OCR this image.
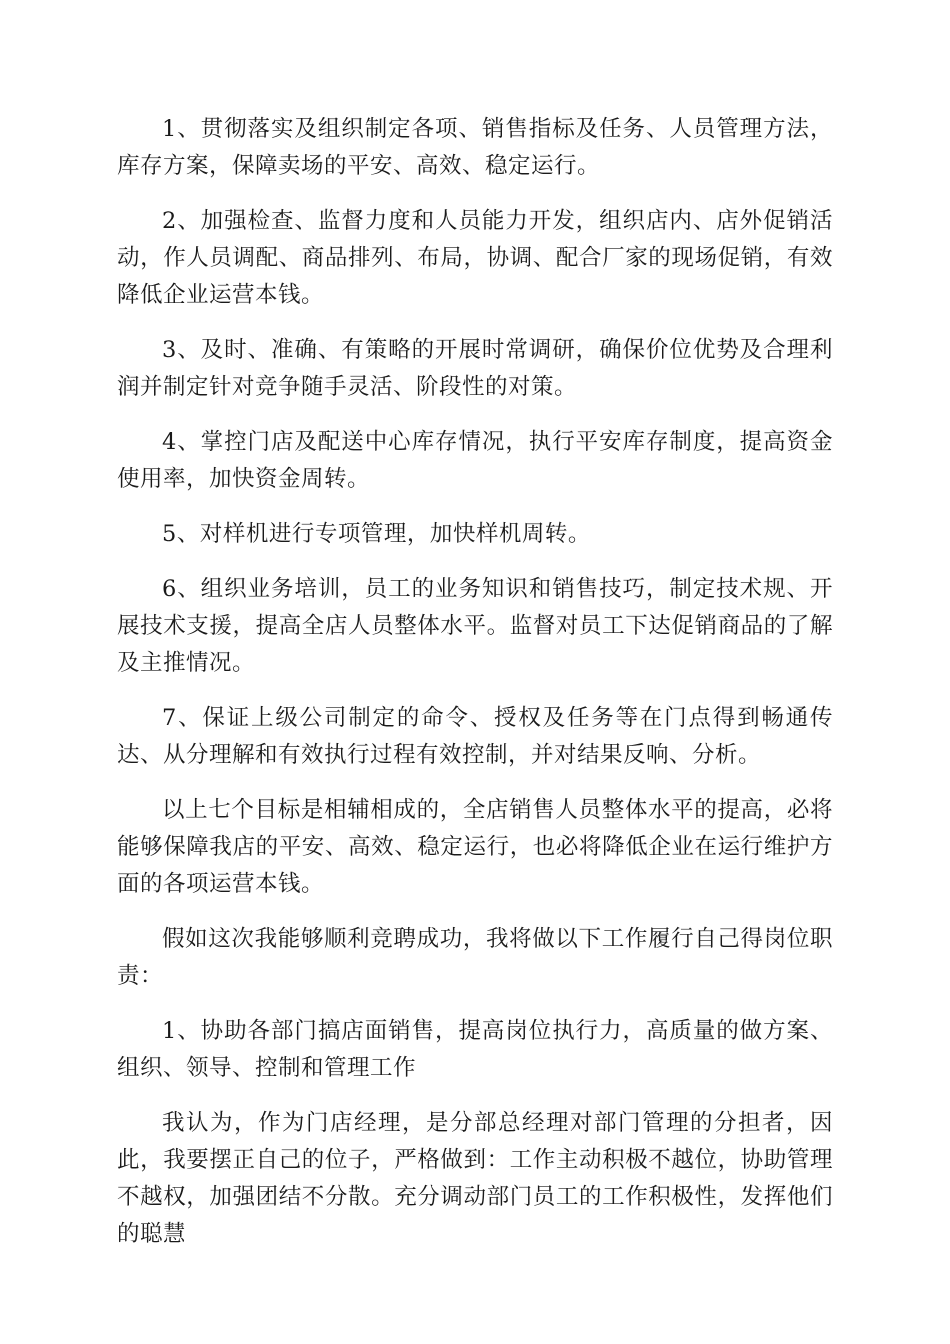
1、贯彻落实及组织制定各项、销售指标及任务、人员管理方法，库存方案，保障卖场的平安、高效、稳定运行。

2、加强检查、监督力度和人员能力开发，组织店内、店外促销活动，作人员调配、商品排列、布局，协调、配合厂家的现场促销，有效降低企业运营本钱。

3、及时、准确、有策略的开展时常调研，确保价位优势及合理利润并制定针对竞争随手灵活、阶段性的对策。

4、掌控门店及配送中心库存情况，执行平安库存制度，提高资金使用率，加快资金周转。

5、对样机进行专项管理，加快样机周转。

6、组织业务培训，员工的业务知识和销售技巧，制定技术规、开展技术支援，提高全店人员整体水平。监督对员工下达促销商品的了解及主推情况。

7、保证上级公司制定的命令、授权及任务等在门点得到畅通传达、从分理解和有效执行过程有效控制，并对结果反响、分析。

以上七个目标是相辅相成的，全店销售人员整体水平的提高，必将能够保障我店的平安、高效、稳定运行，也必将降低企业在运行维护方面的各项运营本钱。

假如这次我能够顺利竞聘成功，我将做以下工作履行自己得岗位职责：

1、协助各部门搞店面销售，提高岗位执行力，高质量的做方案、组织、领导、控制和管理工作

我认为，作为门店经理，是分部总经理对部门管理的分担者，因此，我要摆正自己的位子，严格做到：工作主动积极不越位，协助管理不越权，加强团结不分散。充分调动部门员工的工作积极性，发挥他们的聪慧
